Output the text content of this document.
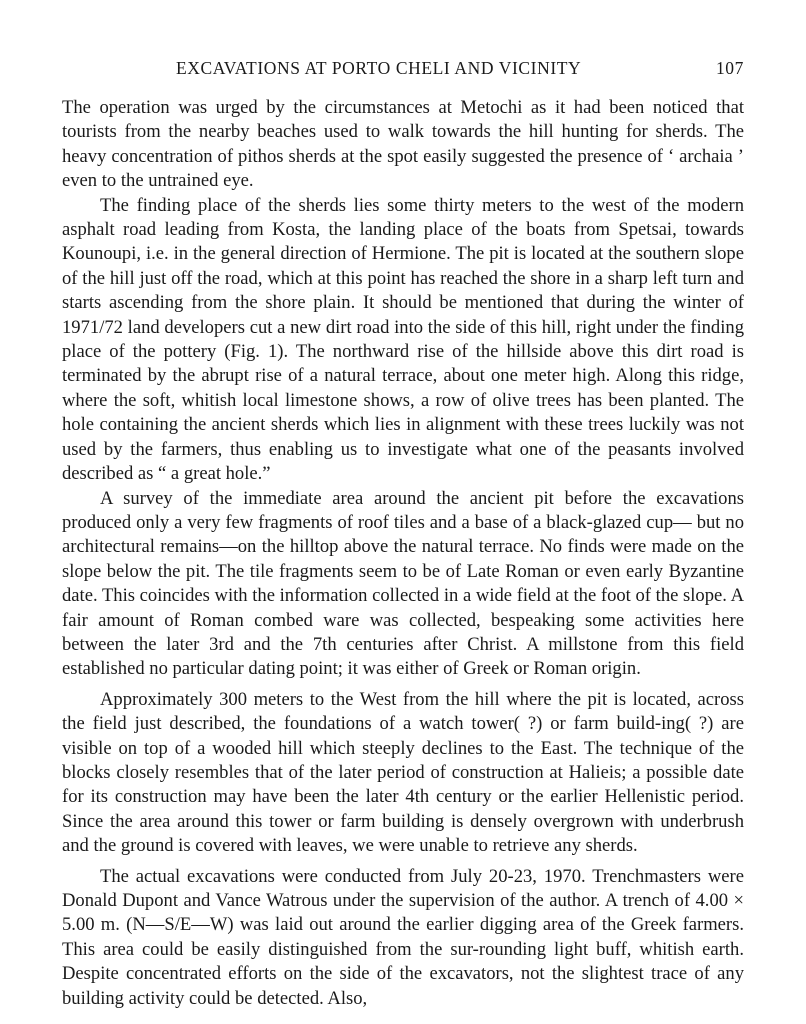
EXCAVATIONS AT PORTO CHELI AND VICINITY	107

The operation was urged by the circumstances at Metochi as it had been noticed that tourists from the nearby beaches used to walk towards the hill hunting for sherds. The heavy concentration of pithos sherds at the spot easily suggested the presence of ‘ archaia ’ even to the untrained eye.

The finding place of the sherds lies some thirty meters to the west of the modern asphalt road leading from Kosta, the landing place of the boats from Spetsai, towards Kounoupi, i.e. in the general direction of Hermione. The pit is located at the southern slope of the hill just off the road, which at this point has reached the shore in a sharp left turn and starts ascending from the shore plain. It should be mentioned that during the winter of 1971/72 land developers cut a new dirt road into the side of this hill, right under the finding place of the pottery (Fig. 1). The northward rise of the hillside above this dirt road is terminated by the abrupt rise of a natural terrace, about one meter high. Along this ridge, where the soft, whitish local limestone shows, a row of olive trees has been planted. The hole containing the ancient sherds which lies in alignment with these trees luckily was not used by the farmers, thus enabling us to investigate what one of the peasants involved described as “ a great hole.”

A survey of the immediate area around the ancient pit before the excavations produced only a very few fragments of roof tiles and a base of a black-glazed cup— but no architectural remains—on the hilltop above the natural terrace. No finds were made on the slope below the pit. The tile fragments seem to be of Late Roman or even early Byzantine date. This coincides with the information collected in a wide field at the foot of the slope. A fair amount of Roman combed ware was collected, bespeaking some activities here between the later 3rd and the 7th centuries after Christ. A millstone from this field established no particular dating point; it was either of Greek or Roman origin.

Approximately 300 meters to the West from the hill where the pit is located, across the field just described, the foundations of a watch tower( ?) or farm build-ing( ?) are visible on top of a wooded hill which steeply declines to the East. The technique of the blocks closely resembles that of the later period of construction at Halieis; a possible date for its construction may have been the later 4th century or the earlier Hellenistic period. Since the area around this tower or farm building is densely overgrown with underbrush and the ground is covered with leaves, we were unable to retrieve any sherds.

The actual excavations were conducted from July 20-23, 1970. Trenchmasters were Donald Dupont and Vance Watrous under the supervision of the author. A trench of 4.00 × 5.00 m. (N—S/E—W) was laid out around the earlier digging area of the Greek farmers. This area could be easily distinguished from the sur-rounding light buff, whitish earth. Despite concentrated efforts on the side of the excavators, not the slightest trace of any building activity could be detected. Also,
